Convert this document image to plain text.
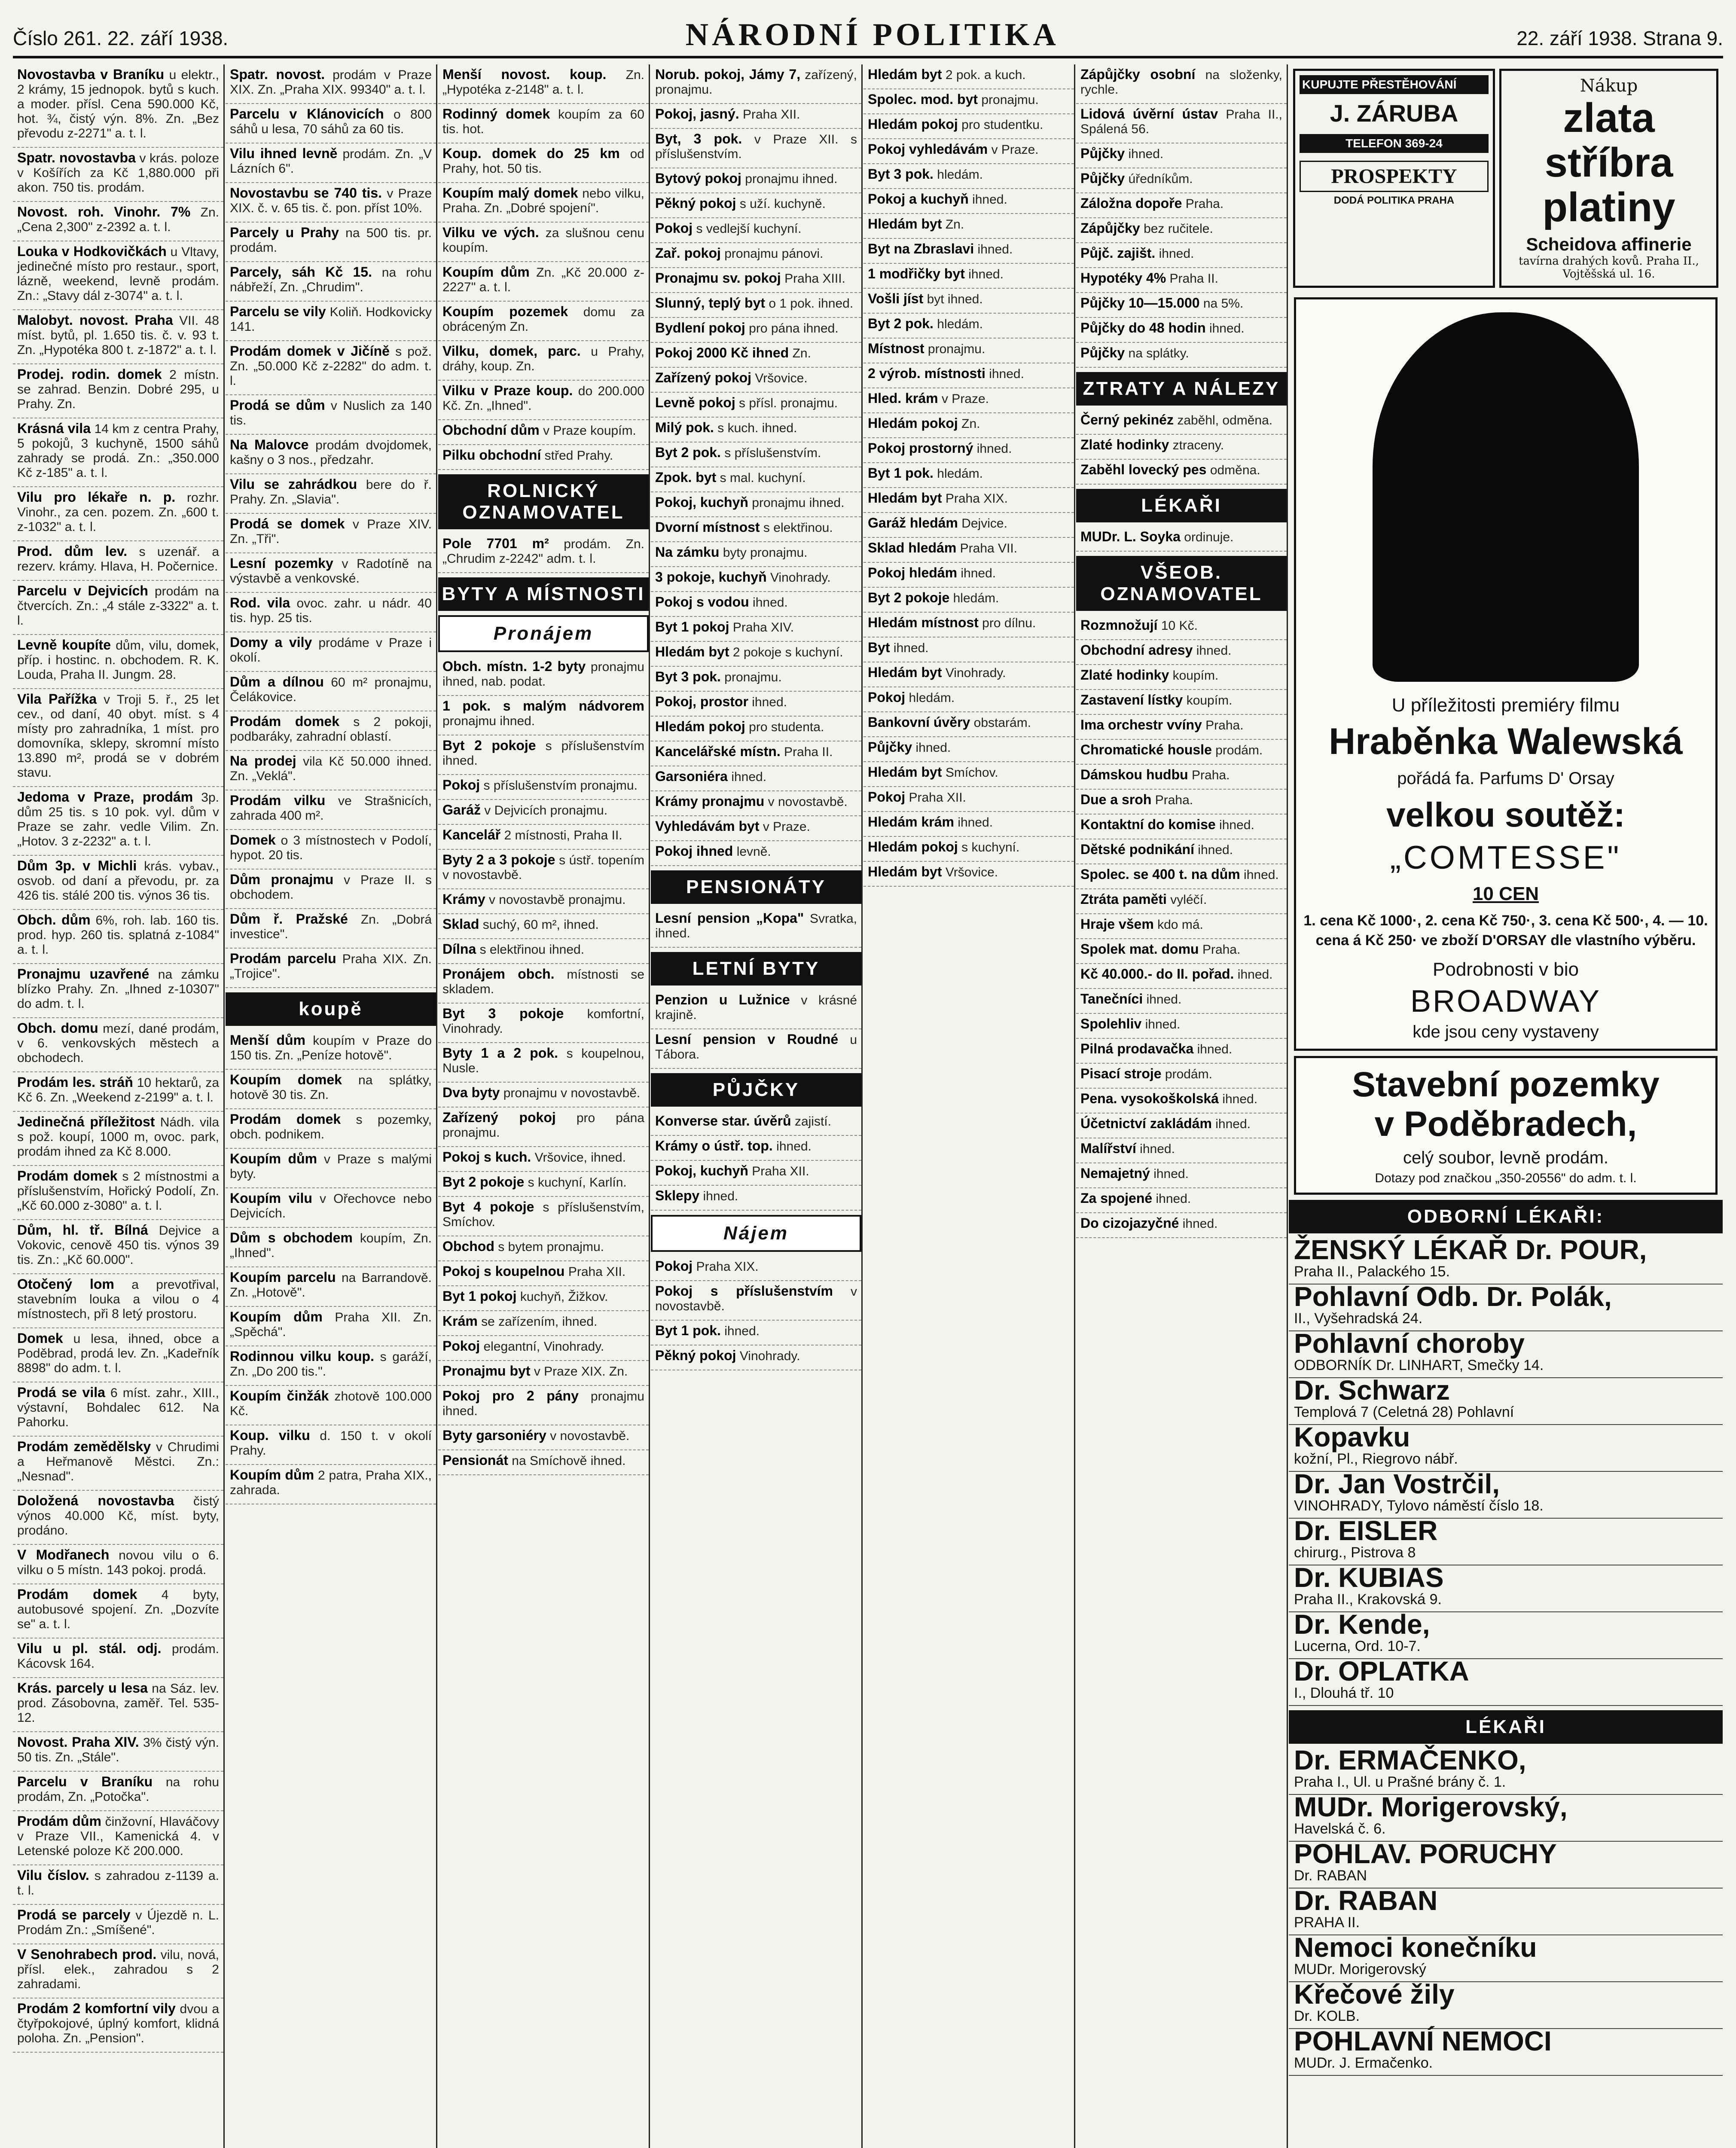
Číslo 261. 22. září 1938.	NÁRODNÍ POLITIKA	22. září 1938. Strana 9.
Novostavba v Braníku u elektr., 2 krámy, 15 jednopok. bytů s kuch. a moder. přísl. Cena 590.000 Kč, hot. ¾, čistý výn. 8%. Zn. „Bez převodu z-2271" a. t. l.
Spatr. novostavba v krás. poloze v Košířích za Kč 1,880.000 při akon. 750 tis. prodám.
Novost. roh. Vinohr. 7% Zn. „Cena 2,300" z-2392 a. t. l.
Louka v Hodkovičkách u Vltavy, jedinečné místo pro restaur., sport, lázně, weekend, levně prodám. Zn.: „Stavy dál z-3074" a. t. l.
Malobyt. novost. Praha VII. 48 míst. bytů, pl. 1.650 tis. č. v. 93 t. Zn. „Hypotéka 800 t. z-1872" a. t. l.
Prodej. rodin. domek 2 místn. se zahrad. Benzin. Dobré 295, u Prahy. Zn.
Krásná vila 14 km z centra Prahy, 5 pokojů, 3 kuchyně, 1500 sáhů zahrady se prodá. Zn.: „350.000 Kč z-185" a. t. l.
Vilu pro lékaře n. p. rozhr. Vinohr., za cen. pozem. Zn. „600 t. z-1032" a. t. l.
Prod. dům lev. s uzenář. a rezerv. krámy. Hlava, H. Počernice.
Parcelu v Dejvicích prodám na čtvercích. Zn.: „4 stále z-3322" a. t. l.
Levně koupíte dům, vilu, domek, příp. i hostinc. n. obchodem. R. K. Louda, Praha II. Jungm. 28.
Vila Pařížka v Troji 5. ř., 25 let cev., od daní, 40 obyt. míst. s 4 místy pro zahradníka, 1 míst. pro domovníka, sklepy, skromní místo 13.890 m², prodá se v dobrém stavu.
Jedoma v Praze, prodám 3p. dům 25 tis. s 10 pok. vyl. dům v Praze se zahr. vedle Vilim. Zn. „Hotov. 3 z-2232" a. t. l.
Dům 3p. v Michli krás. vybav., osvob. od daní a převodu, pr. za 426 tis. stálé 200 tis. výnos 36 tis.
Obch. dům 6%, roh. lab. 160 tis. prod. hyp. 260 tis. splatná z-1084" a. t. l.
Pronajmu uzavřené na zámku blízko Prahy. Zn. „Ihned z-10307" do adm. t. l.
Obch. domu mezí, dané prodám, v 6. venkovských městech a obchodech.
Prodám les. stráň 10 hektarů, za Kč 6. Zn. „Weekend z-2199" a. t. l.
Jedinečná příležitost Nádh. vila s pož. koupí, 1000 m, ovoc. park, prodám ihned za Kč 8.000.
Prodám domek s 2 místnostmi a příslušenstvím, Hořický Podolí, Zn. „Kč 60.000 z-3080" a. t. l.
Dům, hl. tř. Bílná Dejvice a Vokovic, cenově 450 tis. výnos 39 tis. Zn.: „Kč 60.000".
Otočený lom a prevotřival, stavebním louka a vilou o 4 místnostech, při 8 letý prostoru.
Domek u lesa, ihned, obce a Poděbrad, prodá lev. Zn. „Kadeřník 8898" do adm. t. l.
Prodá se vila 6 míst. zahr., XIII., výstavní, Bohdalec 612. Na Pahorku.
Prodám zemědělsky v Chrudimi a Heřmanově Městci. Zn.: „Nesnad".
Doložená novostavba čistý výnos 40.000 Kč, míst. byty, prodáno.
V Modřanech novou vilu o 6. vilku o 5 místn. 143 pokoj. prodá.
Prodám domek 4 byty, autobusové spojení. Zn. „Dozvíte se" a. t. l.
Vilu u pl. stál. odj. prodám. Kácovsk 164.
Krás. parcely u lesa na Sáz. lev. prod. Zásobovna, zaměř. Tel. 535-12.
Novost. Praha XIV. 3% čistý výn. 50 tis. Zn. „Stále".
Parcelu v Braníku na rohu prodám, Zn. „Potočka".
Prodám dům činžovní, Hlaváčovy v Praze VII., Kamenická 4. v Letenské poloze Kč 200.000.
Vilu číslov. s zahradou z-1139 a. t. l.
Prodá se parcely v Újezdě n. L. Prodám Zn.: „Smíšené".
V Senohrabech prod. vilu, nová, přísl. elek., zahradou s 2 zahradami.
Prodám 2 komfortní vily dvou a čtyřpokojové, úplný komfort, klidná poloha. Zn. „Pension".
Spatr. novost. prodám v Praze XIX. Zn. „Praha XIX. 99340" a. t. l.
Parcelu v Klánovicích o 800 sáhů u lesa, 70 sáhů za 60 tis.
Vilu ihned levně prodám. Zn. „V Lázních 6".
Novostavbu se 740 tis. v Praze XIX. č. v. 65 tis. č. pon. příst 10%.
Parcely u Prahy na 500 tis. pr. prodám.
Parcely, sáh Kč 15. na rohu nábřeží, Zn. „Chrudim".
Parcelu se vily Koliň. Hodkovicky 141.
Prodám domek v Jičíně s pož. Zn. „50.000 Kč z-2282" do adm. t. l.
Prodá se dům v Nuslich za 140 tis.
Na Malovce prodám dvojdomek, kašny o 3 nos., předzahr.
Vilu se zahrádkou bere do ř. Prahy. Zn. „Slavia".
Prodá se domek v Praze XIV. Zn. „Tři".
Lesní pozemky v Radotíně na výstavbě a venkovské.
Rod. vila ovoc. zahr. u nádr. 40 tis. hyp. 25 tis.
Domy a vily prodáme v Praze i okolí.
Dům a dílnou 60 m² pronajmu, Čelákovice.
Prodám domek s 2 pokoji, podbaráky, zahradní oblastí.
Na prodej vila Kč 50.000 ihned. Zn. „Veklá".
Prodám vilku ve Strašnicích, zahrada 400 m².
Domek o 3 místnostech v Podolí, hypot. 20 tis.
Dům pronajmu v Praze II. s obchodem.
Dům ř. Pražské Zn. „Dobrá investice".
Prodám parcelu Praha XIX. Zn. „Trojice".
koupě
Menší dům koupím v Praze do 150 tis. Zn. „Peníze hotově".
Koupím domek na splátky, hotově 30 tis. Zn.
Prodám domek s pozemky, obch. podnikem.
Koupím dům v Praze s malými byty.
Koupím vilu v Ořechovce nebo Dejvicích.
Dům s obchodem koupím, Zn. „Ihned".
Koupím parcelu na Barrandově. Zn. „Hotově".
Koupím dům Praha XII. Zn. „Spěchá".
Rodinnou vilku koup. s garáží, Zn. „Do 200 tis.".
Koupím činžák zhotově 100.000 Kč.
Koup. vilku d. 150 t. v okolí Prahy.
Koupím dům 2 patra, Praha XIX., zahrada.
Menší novost. koup. Zn. „Hypotéka z-2148" a. t. l.
Rodinný domek koupím za 60 tis. hot.
Koup. domek do 25 km od Prahy, hot. 50 tis.
Koupím malý domek nebo vilku, Praha. Zn. „Dobré spojení".
Vilku ve vých. za slušnou cenu koupím.
Koupím dům Zn. „Kč 20.000 z-2227" a. t. l.
Koupím pozemek domu za obráceným Zn.
Vilku, domek, parc. u Prahy, dráhy, koup. Zn.
Vilku v Praze koup. do 200.000 Kč. Zn. „Ihned".
Obchodní dům v Praze koupím.
Pilku obchodní střed Prahy.
ROLNICKÝ OZNAMOVATEL
Pole 7701 m² prodám. Zn. „Chrudim z-2242" adm. t. l.
BYTY A MÍSTNOSTI
Pronájem
Obch. místn. 1-2 byty pronajmu ihned, nab. podat.
1 pok. s malým nádvorem pronajmu ihned.
Byt 2 pokoje s příslušenstvím ihned.
Pokoj s příslušenstvím pronajmu.
Garáž v Dejvicích pronajmu.
Kancelář 2 místnosti, Praha II.
Byty 2 a 3 pokoje s ústř. topením v novostavbě.
Krámy v novostavbě pronajmu.
Sklad suchý, 60 m², ihned.
Dílna s elektřinou ihned.
Pronájem obch. místnosti se skladem.
Byt 3 pokoje komfortní, Vinohrady.
Byty 1 a 2 pok. s koupelnou, Nusle.
Dva byty pronajmu v novostavbě.
Zařízený pokoj pro pána pronajmu.
Pokoj s kuch. Vršovice, ihned.
Byt 2 pokoje s kuchyní, Karlín.
Byt 4 pokoje s příslušenstvím, Smíchov.
Obchod s bytem pronajmu.
Pokoj s koupelnou Praha XII.
Byt 1 pokoj kuchyň, Žižkov.
Krám se zařízením, ihned.
Pokoj elegantní, Vinohrady.
Pronajmu byt v Praze XIX. Zn.
Pokoj pro 2 pány pronajmu ihned.
Byty garsoniéry v novostavbě.
Pensionát na Smíchově ihned.
Norub. pokoj, Jámy 7, zařízený, pronajmu.
Pokoj, jasný. Praha XII.
Byt, 3 pok. v Praze XII. s příslušenstvím.
Bytový pokoj pronajmu ihned.
Pěkný pokoj s uží. kuchyně.
Pokoj s vedlejší kuchyní.
Zař. pokoj pronajmu pánovi.
Pronajmu sv. pokoj Praha XIII.
Slunný, teplý byt o 1 pok. ihned.
Bydlení pokoj pro pána ihned.
Pokoj 2000 Kč ihned Zn.
Zařízený pokoj Vršovice.
Levně pokoj s přísl. pronajmu.
Milý pok. s kuch. ihned.
Byt 2 pok. s příslušenstvím.
Zpok. byt s mal. kuchyní.
Pokoj, kuchyň pronajmu ihned.
Dvorní místnost s elektřinou.
Na zámku byty pronajmu.
3 pokoje, kuchyň Vinohrady.
Pokoj s vodou ihned.
Byt 1 pokoj Praha XIV.
Hledám byt 2 pokoje s kuchyní.
Byt 3 pok. pronajmu.
Pokoj, prostor ihned.
Hledám pokoj pro studenta.
Kancelářské místn. Praha II.
Garsoniéra ihned.
Krámy pronajmu v novostavbě.
Vyhledávám byt v Praze.
Pokoj ihned levně.
PENSIONÁTY
Lesní pension „Kopa" Svratka, ihned.
LETNÍ BYTY
Penzion u Lužnice v krásné krajině.
Lesní pension v Roudné u Tábora.
PŮJČKY
Konverse star. úvěrů zajistí.
Krámy o ústř. top. ihned.
Pokoj, kuchyň Praha XII.
Sklepy ihned.
Nájem
Pokoj Praha XIX.
Pokoj s příslušenstvím v novostavbě.
Byt 1 pok. ihned.
Pěkný pokoj Vinohrady.
Hledám byt 2 pok. a kuch.
Spolec. mod. byt pronajmu.
Hledám pokoj pro studentku.
Pokoj vyhledávám v Praze.
Byt 3 pok. hledám.
Pokoj a kuchyň ihned.
Hledám byt Zn.
Byt na Zbraslavi ihned.
1 modřičky byt ihned.
Vošli jíst byt ihned.
Byt 2 pok. hledám.
Místnost pronajmu.
2 výrob. místnosti ihned.
Hled. krám v Praze.
Hledám pokoj Zn.
Pokoj prostorný ihned.
Byt 1 pok. hledám.
Hledám byt Praha XIX.
Garáž hledám Dejvice.
Sklad hledám Praha VII.
Pokoj hledám ihned.
Byt 2 pokoje hledám.
Hledám místnost pro dílnu.
Byt ihned.
Hledám byt Vinohrady.
Pokoj hledám.
Bankovní úvěry obstarám.
Půjčky ihned.
Hledám byt Smíchov.
Pokoj Praha XII.
Hledám krám ihned.
Hledám pokoj s kuchyní.
Hledám byt Vršovice.
Zápůjčky osobní na složenky, rychle.
Lidová úvěrní ústav Praha II., Spálená 56.
Půjčky ihned.
Půjčky úředníkům.
Záložna dopoře Praha.
Zápůjčky bez ručitele.
Půjč. zajišt. ihned.
Hypotéky 4% Praha II.
Půjčky 10—15.000 na 5%.
Půjčky do 48 hodin ihned.
Půjčky na splátky.
ZTRATY A NÁLEZY
Černý pekinéz zaběhl, odměna.
Zlaté hodinky ztraceny.
Zaběhl lovecký pes odměna.
LÉKAŘI
MUDr. L. Soyka ordinuje.
VŠEOB. OZNAMOVATEL
Rozmnožují 10 Kč.
Obchodní adresy ihned.
Zlaté hodinky koupím.
Zastavení lístky koupím.
Ima orchestr vvíny Praha.
Chromatické housle prodám.
Dámskou hudbu Praha.
Due a sroh Praha.
Kontaktní do komise ihned.
Dětské podnikání ihned.
Spolec. se 400 t. na dům ihned.
Ztráta paměti vyléčí.
Hraje všem kdo má.
Spolek mat. domu Praha.
Kč 40.000.- do II. pořad. ihned.
Tanečníci ihned.
Spolehliv ihned.
Pilná prodavačka ihned.
Pisací stroje prodám.
Pena. vysokoškolská ihned.
Účetnictví zakládám ihned.
Malířství ihned.
Nemajetný ihned.
Za spojené ihned.
Do cizojazyčné ihned.
KUPUJTE PŘESTĚHOVÁNÍ
J. ZÁRUBA
TELEFON 369-24
PROSPEKTY
DODÁ POLITIKA PRAHA
Nákup
zlata
stříbra
platiny
Scheidova affinerie
tavírna drahých kovů. Praha II., Vojtěšská ul. 16.
U příležitosti premiéry filmu
Hraběnka Walewská
pořádá fa. Parfums D' Orsay
velkou soutěž:
„COMTESSE"
10 CEN
1. cena Kč 1000·, 2. cena Kč 750·, 3. cena Kč 500·, 4. — 10. cena á Kč 250· ve zboží D'ORSAY dle vlastního výběru.
Podrobnosti v bio
BROADWAY
kde jsou ceny vystaveny
Stavební pozemky
v Poděbradech,
celý soubor, levně prodám.
Dotazy pod značkou „350-20556" do adm. t. l.
ODBORNÍ LÉKAŘI:
ŽENSKÝ LÉKAŘ Dr. POUR,
Praha II., Palackého 15.
Pohlavní Odb. Dr. Polák,
II., Vyšehradská 24.
Pohlavní choroby
ODBORNÍK Dr. LINHART, Smečky 14.
Dr. Schwarz
Templová 7 (Celetná 28) Pohlavní
Kopavku
kožní, Pl., Riegrovo nábř.
Dr. Jan Vostrčil,
VINOHRADY, Tylovo náměstí číslo 18.
Dr. EISLER
chirurg., Pistrova 8
Dr. KUBIAS
Praha II., Krakovská 9.
Dr. Kende,
Lucerna, Ord. 10-7.
Dr. OPLATKA
I., Dlouhá tř. 10
LÉKAŘI
Dr. ERMAČENKO,
Praha I., Ul. u Prašné brány č. 1.
MUDr. Morigerovský,
Havelská č. 6.
POHLAV. PORUCHY
Dr. RABAN
Dr. RABAN
PRAHA II.
Nemoci konečníku
MUDr. Morigerovský
Křečové žily
Dr. KOLB.
POHLAVNÍ NEMOCI
MUDr. J. Ermačenko.
